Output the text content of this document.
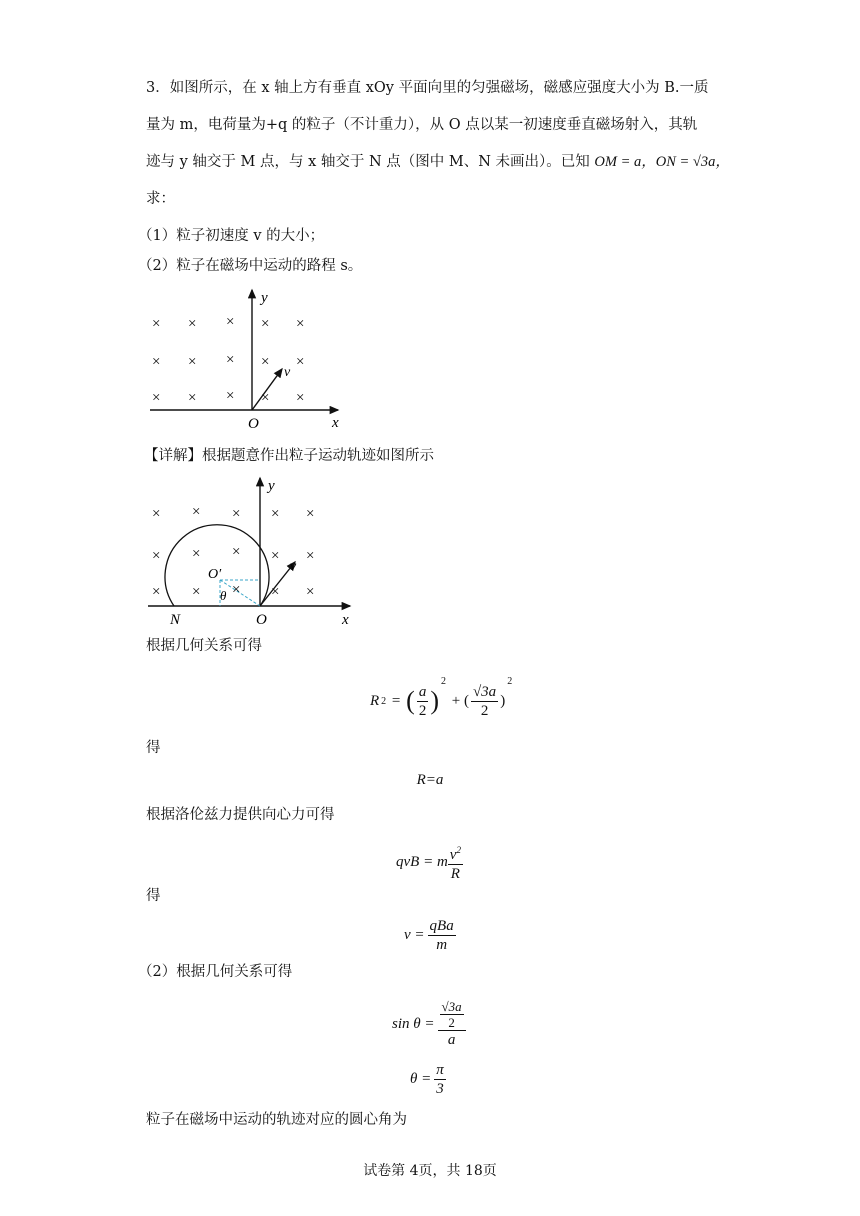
3．如图所示，在 x 轴上方有垂直 xOy 平面向里的匀强磁场，磁感应强度大小为 B.一质
量为 m，电荷量为+q 的粒子（不计重力），从 O 点以某一初速度垂直磁场射入，其轨
迹与 y 轴交于 M 点，与 x 轴交于 N 点（图中 M、N 未画出）。已知 OM = a，ON = √3a，
求：
（1）粒子初速度 v 的大小；
（2）粒子在磁场中运动的路程 s。
y
x
O
v
× × × × ×
× × × × ×
× × × × ×
【详解】根据题意作出粒子运动轨迹如图所示
y
x
O
N
O′
θ
v
× × × × ×
× × × × ×
× × × × ×
根据几何关系可得
R 2 = ( $\frac{a}{2}$ )
2
+ ( $\frac{√3a}{2}$ )
2
得
R=a
根据洛伦兹力提供向心力可得
qvB = m $\frac{v^2}{R}$
得
$v = \frac{\text{qBa}}{m}$
（2）根据几何关系可得
$\sin \theta = \frac{\frac{√3a}{2}}{a}$
$\theta = \frac{\pi}{3}$
粒子在磁场中运动的轨迹对应的圆心角为
试卷第 4页，共 18页
